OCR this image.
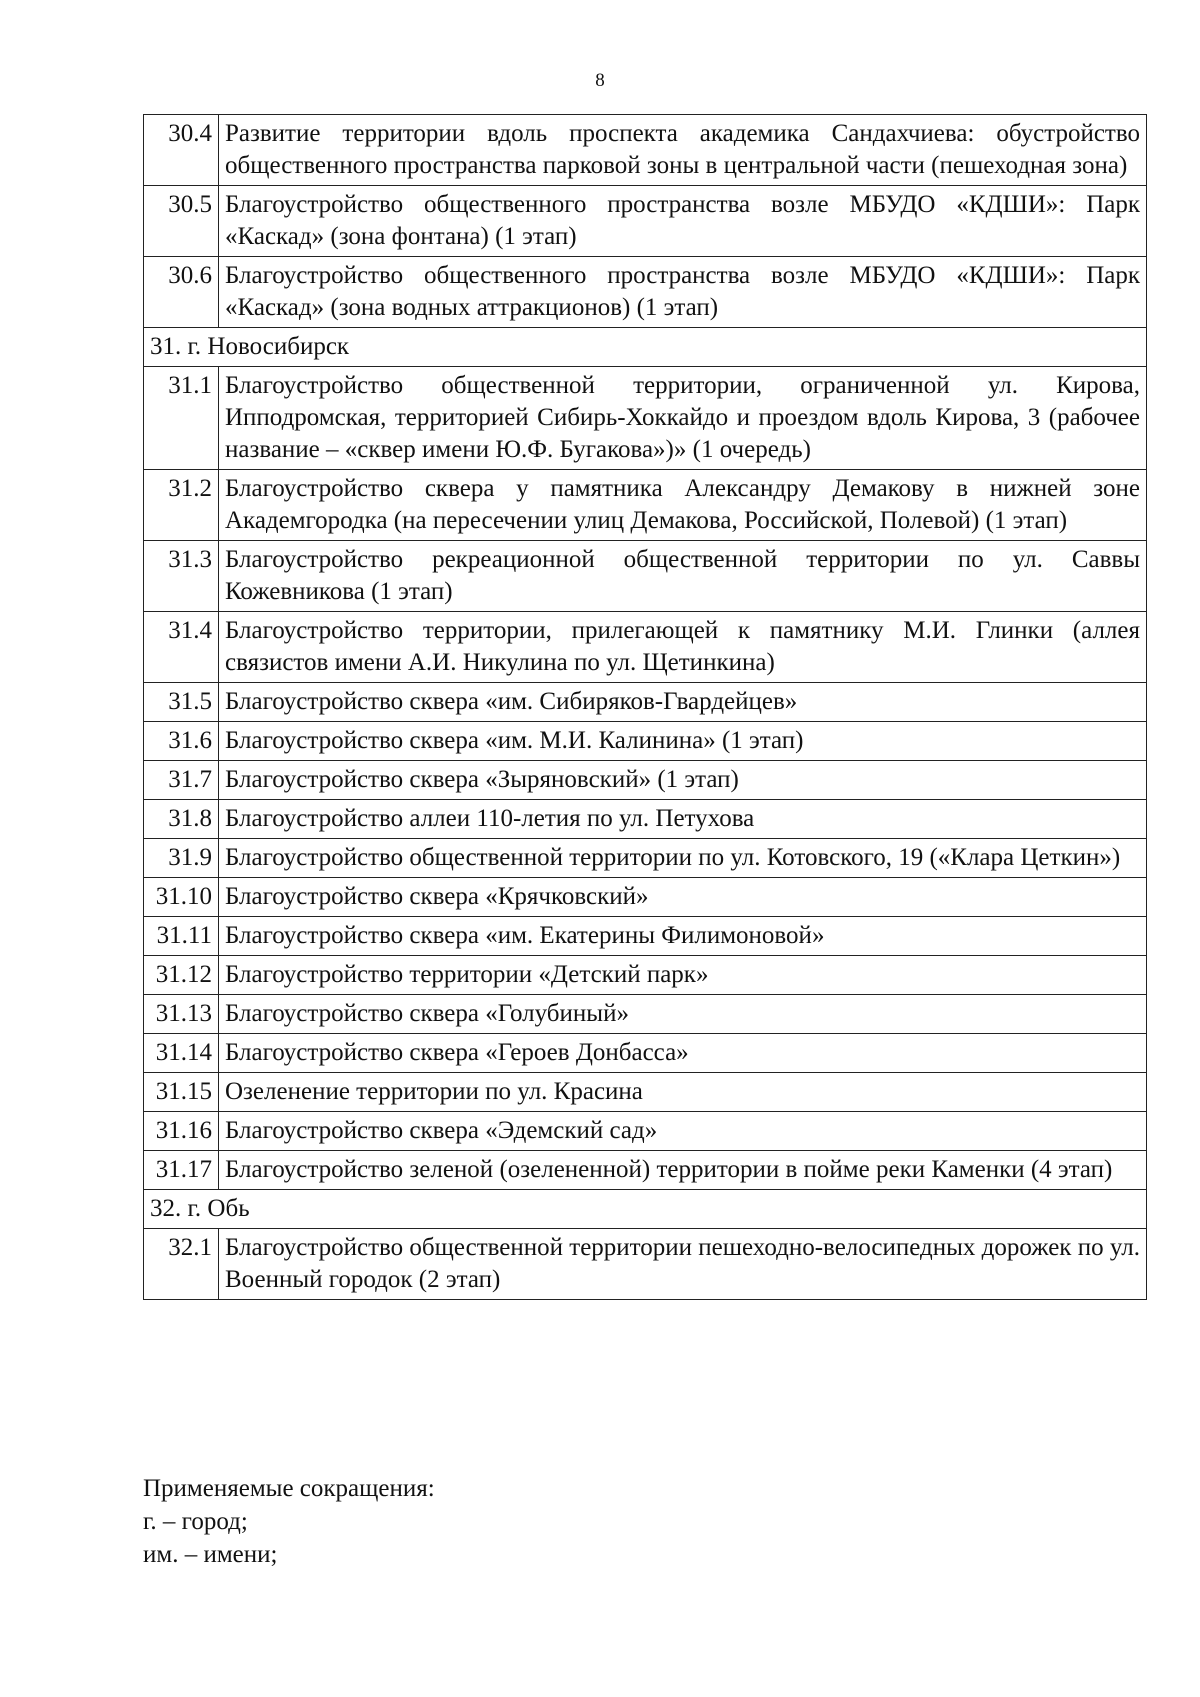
8
30.4	Развитие территории вдоль проспекта академика Сандахчиева: обустройство общественного пространства парковой зоны в центральной части (пешеходная зона)
30.5	Благоустройство общественного пространства возле МБУДО «КДШИ»: Парк «Каскад» (зона фонтана) (1 этап)
30.6	Благоустройство общественного пространства возле МБУДО «КДШИ»: Парк «Каскад» (зона водных аттракционов) (1 этап)
31. г. Новосибирск	
31.1	Благоустройство общественной территории, ограниченной ул. Кирова, Ипподромская, территорией Сибирь-Хоккайдо и проездом вдоль Кирова, 3 (рабочее название – «сквер имени Ю.Ф. Бугакова»)» (1 очередь)
31.2	Благоустройство сквера у памятника Александру Демакову в нижней зоне Академгородка (на пересечении улиц Демакова, Российской, Полевой) (1 этап)
31.3	Благоустройство рекреационной общественной территории по ул. Саввы Кожевникова (1 этап)
31.4	Благоустройство территории, прилегающей к памятнику М.И. Глинки (аллея связистов имени А.И. Никулина по ул. Щетинкина)
31.5	Благоустройство сквера «им. Сибиряков-Гвардейцев»
31.6	Благоустройство сквера «им. М.И. Калинина» (1 этап)
31.7	Благоустройство сквера «Зыряновский» (1 этап)
31.8	Благоустройство аллеи 110-летия по ул. Петухова
31.9	Благоустройство общественной территории по ул. Котовского, 19 («Клара Цеткин»)
31.10	Благоустройство сквера «Крячковский»
31.11	Благоустройство сквера «им. Екатерины Филимоновой»
31.12	Благоустройство территории «Детский парк»
31.13	Благоустройство сквера «Голубиный»
31.14	Благоустройство сквера «Героев Донбасса»
31.15	Озеленение территории по ул. Красина
31.16	Благоустройство сквера «Эдемский сад»
31.17	Благоустройство зеленой (озелененной) территории в пойме реки Каменки (4 этап)
32. г. Обь	
32.1	Благоустройство общественной территории пешеходно-велосипедных дорожек по ул. Военный городок (2 этап)
Применяемые сокращения:
г. – город;
им. – имени;
